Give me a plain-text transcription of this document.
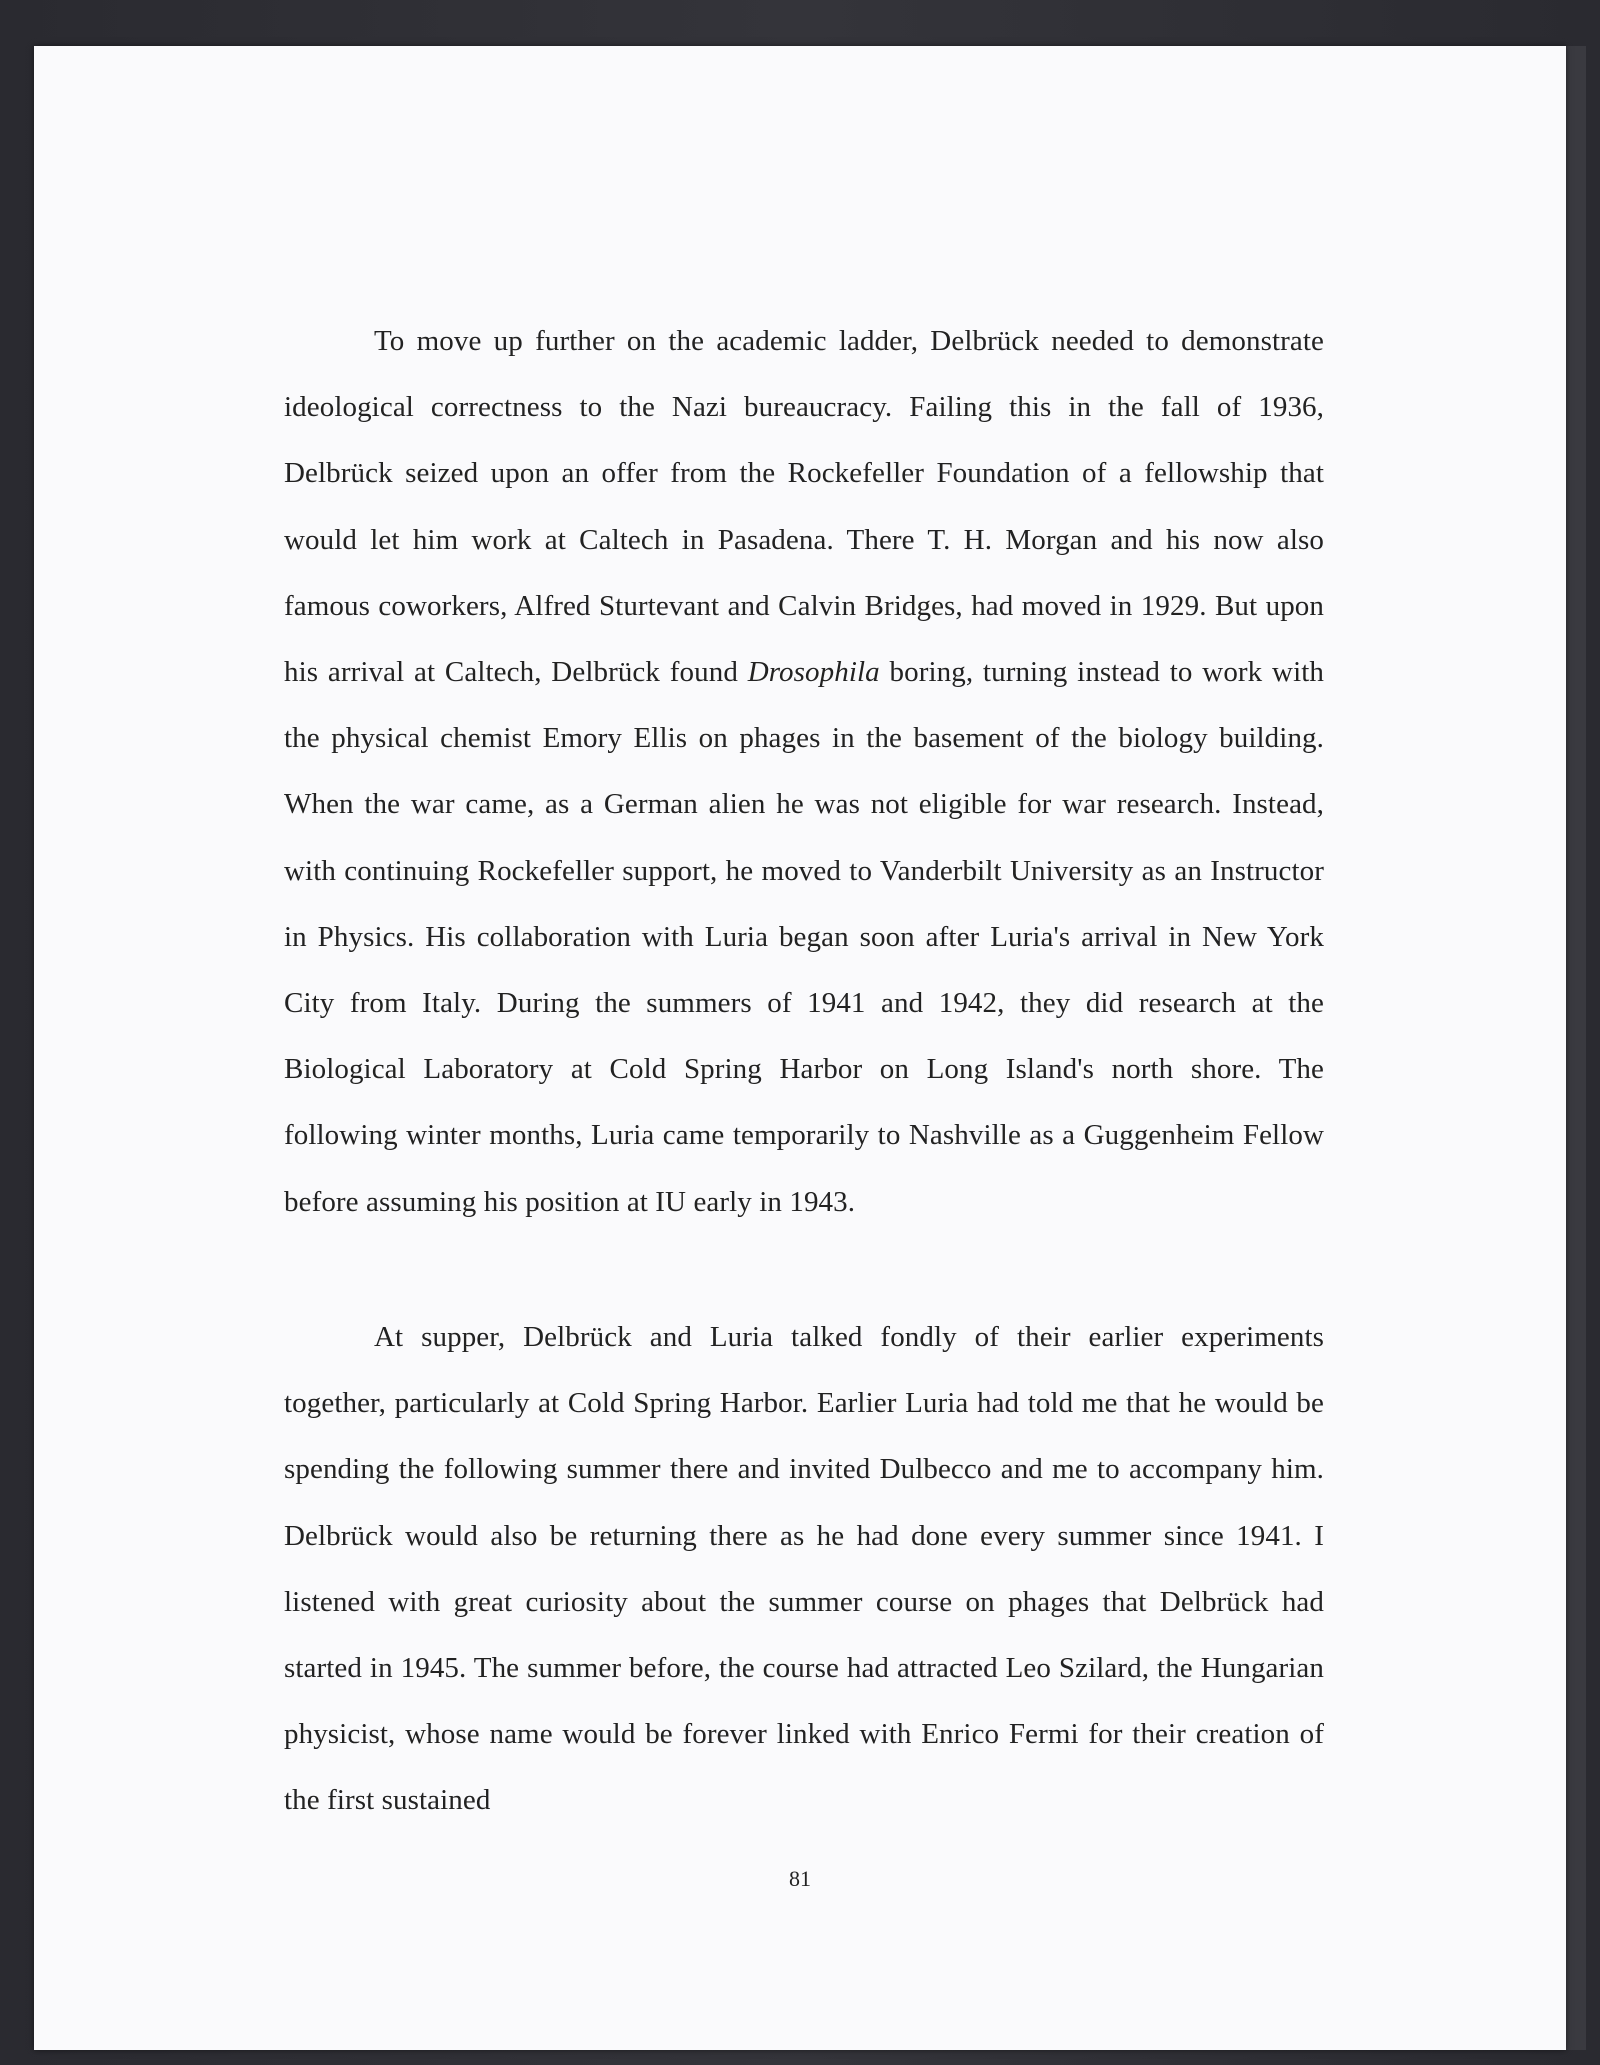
To move up further on the academic ladder, Delbrück needed to demonstrate ideological correctness to the Nazi bureaucracy. Failing this in the fall of 1936, Delbrück seized upon an offer from the Rockefeller Foundation of a fellowship that would let him work at Caltech in Pasadena. There T. H. Morgan and his now also famous coworkers, Alfred Sturtevant and Calvin Bridges, had moved in 1929. But upon his arrival at Caltech, Delbrück found Drosophila boring, turning instead to work with the physical chemist Emory Ellis on phages in the basement of the biology building. When the war came, as a German alien he was not eligible for war research. Instead, with continuing Rockefeller support, he moved to Vanderbilt University as an Instructor in Physics. His collaboration with Luria began soon after Luria's arrival in New York City from Italy. During the summers of 1941 and 1942, they did research at the Biological Laboratory at Cold Spring Harbor on Long Island's north shore. The following winter months, Luria came temporarily to Nashville as a Guggenheim Fellow before assuming his position at IU early in 1943.

At supper, Delbrück and Luria talked fondly of their earlier experiments together, particularly at Cold Spring Harbor. Earlier Luria had told me that he would be spending the following summer there and invited Dulbecco and me to accompany him. Delbrück would also be returning there as he had done every summer since 1941. I listened with great curiosity about the summer course on phages that Delbrück had started in 1945. The summer before, the course had attracted Leo Szilard, the Hungarian physicist, whose name would be forever linked with Enrico Fermi for their creation of the first sustained

81
